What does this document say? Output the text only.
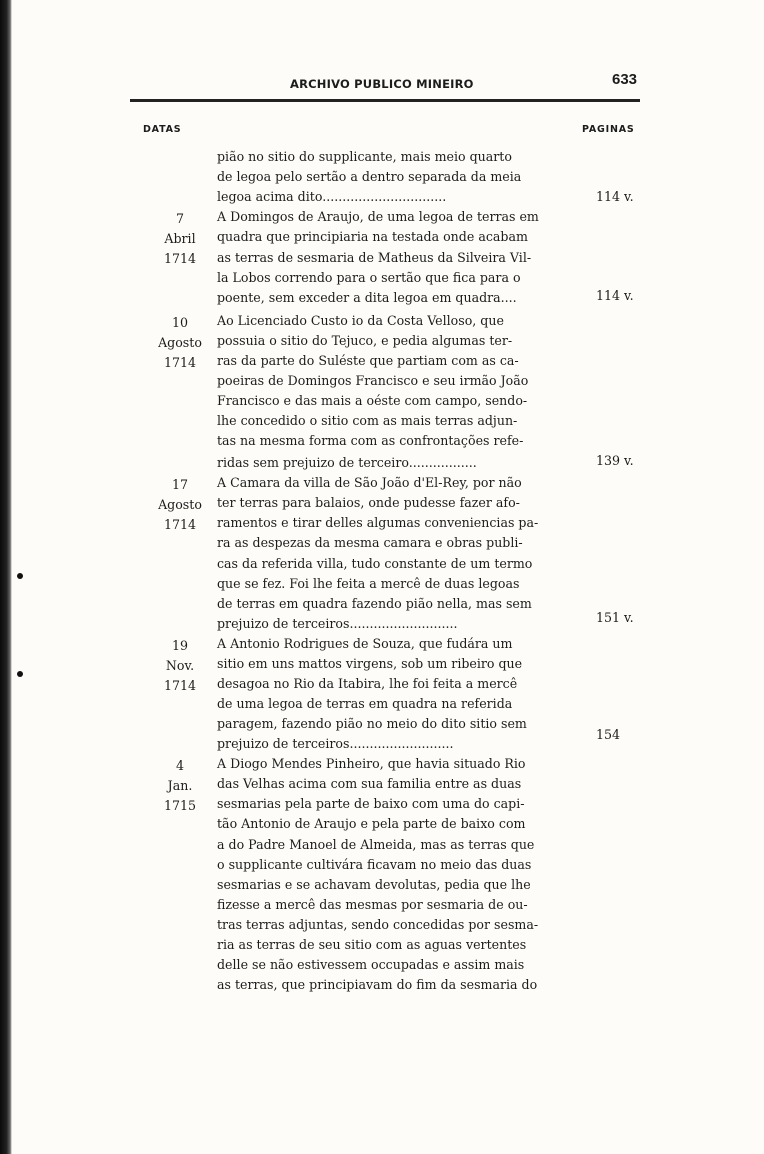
ARCHIVO PUBLICO MINEIRO	633
DATAS	PAGINAS
pião no sitio do supplicante, mais meio quarto
de legoa pelo sertão a dentro separada da meia
legoa acima dito...............................
A Domingos de Araujo, de uma legoa de terras em
quadra que principiaria na testada onde acabam
as terras de sesmaria de Matheus da Silveira Vil-
la Lobos correndo para o sertão que fica para o
poente, sem exceder a dita legoa em quadra....
Ao Licenciado Custo io da Costa Velloso, que
possuia o sitio do Tejuco, e pedia algumas ter-
ras da parte do Suléste que partiam com as ca-
poeiras de Domingos Francisco e seu irmão João
Francisco e das mais a oéste com campo, sendo-
lhe concedido o sitio com as mais terras adjun-
tas na mesma forma com as confrontações refe-
ridas sem prejuizo de terceiro.................
A Camara da villa de São João d'El-Rey, por não
ter terras para balaios, onde pudesse fazer afo-
ramentos e tirar delles algumas conveniencias pa-
ra as despezas da mesma camara e obras publi-
cas da referida villa, tudo constante de um termo
que se fez. Foi lhe feita a mercê de duas legoas
de terras em quadra fazendo pião nella, mas sem
prejuizo de terceiros...........................
A Antonio Rodrigues de Souza, que fudára um
sitio em uns mattos virgens, sob um ribeiro que
desagoa no Rio da Itabira, lhe foi feita a mercê
de uma legoa de terras em quadra na referida
paragem, fazendo pião no meio do dito sitio sem
prejuizo de terceiros..........................
A Diogo Mendes Pinheiro, que havia situado Rio
das Velhas acima com sua familia entre as duas
sesmarias pela parte de baixo com uma do capi-
tão Antonio de Araujo e pela parte de baixo com
a do Padre Manoel de Almeida, mas as terras que
o supplicante cultivára ficavam no meio das duas
sesmarias e se achavam devolutas, pedia que lhe
fizesse a mercê das mesmas por sesmaria de ou-
tras terras adjuntas, sendo concedidas por sesma-
ria as terras de seu sitio com as aguas vertentes
delle se não estivessem occupadas e assim mais
as terras, que principiavam do fim da sesmaria do
7
Abril
1714
10
Agosto
1714
17
Agosto
1714
19
Nov.
1714
4
Jan.
1715
114 v.
114 v.
139 v.
151 v.
154
